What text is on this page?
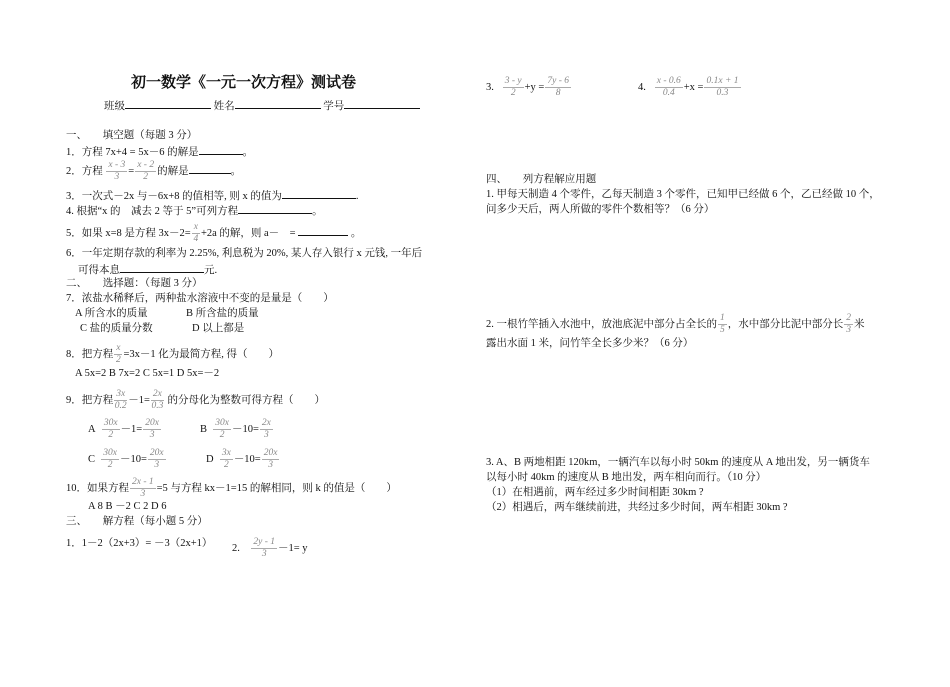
初一数学《一元一次方程》测试卷
班级	姓名	学号
一、　　填空题（每题 3 分）
1．方程 7x+4 = 5x－6 的解是	。
2．方程 $\frac{x - 3}{3} = \frac{x - 2}{2}$ 的解是	。
3．一次式－2x 与－6x+8 的值相等, 则 x 的值为	.
4. 根据“x 的　减去 2 等于 5”可列方程	。
5．如果 x=8 是方程 $3x-2= \frac{x}{4} +2a$ 的解，则 a－　=	。
6．一年定期存款的利率为 2.25%, 利息税为 20%, 某人存入银行 x 元钱, 一年后
可得本息	元.
二、　　选择题：（每题 3 分）
7．浓盐水稀释后，两种盐水溶液中不变的是量是（　　）
A 所含水的质量	B 所含盐的质量
C 盐的质量分数	D 以上都是
8．把方程 $\frac{x}{2} =3x-1$ 化为最简方程, 得（　　）
A 5x=2 B 7x=2 C 5x=1 D 5x=－2
9．把方程 $\frac{3x}{0.2} -1= \frac{2x}{0.3}$ 的分母化为整数可得方程（　　）
A $\frac{30x}{2} -1= \frac{20x}{3}$	B $\frac{30x}{2} -10= \frac{2x}{3}$
C $\frac{30x}{2} -10= \frac{20x}{3}$	D $\frac{3x}{2} -10= \frac{20x}{3}$
10．如果方程 $\frac{2x - 1}{3} =5$ 与方程 kx－1=15 的解相同，则 k 的值是（　　）
A 8 B －2 C 2 D 6
三、　　解方程（每小题 5 分）
1．1－2（2x+3）= －3（2x+1） 2. $\frac{2y - 1}{3} -1= y$
3. $\frac{3 - y}{2} +y = \frac{7y - 6}{8}$	4. $\frac{x - 0.6}{0.4} +x = \frac{0.1x + 1}{0.3}$
四、　　列方程解应用题
1. 甲每天制造 4 个零件，乙每天制造 3 个零件，已知甲已经做 6 个，乙已经做 10 个，
问多少天后，两人所做的零件个数相等？（6 分）
2. 一根竹竿插入水池中，放池底泥中部分占全长的 $\frac{1}{5}$ ，水中部分比泥中部分长 $\frac{2}{3}$ 米
露出水面 1 米，问竹竿全长多少米？（6 分）
3. A、B 两地相距 120km，一辆汽车以每小时 50km 的速度从 A 地出发，另一辆货车
以每小时 40km 的速度从 B 地出发，两车相向而行。（10 分）
（1）在相遇前，两车经过多少时间相距 30km ?
（2）相遇后，两车继续前进，共经过多少时间，两车相距 30km ?
